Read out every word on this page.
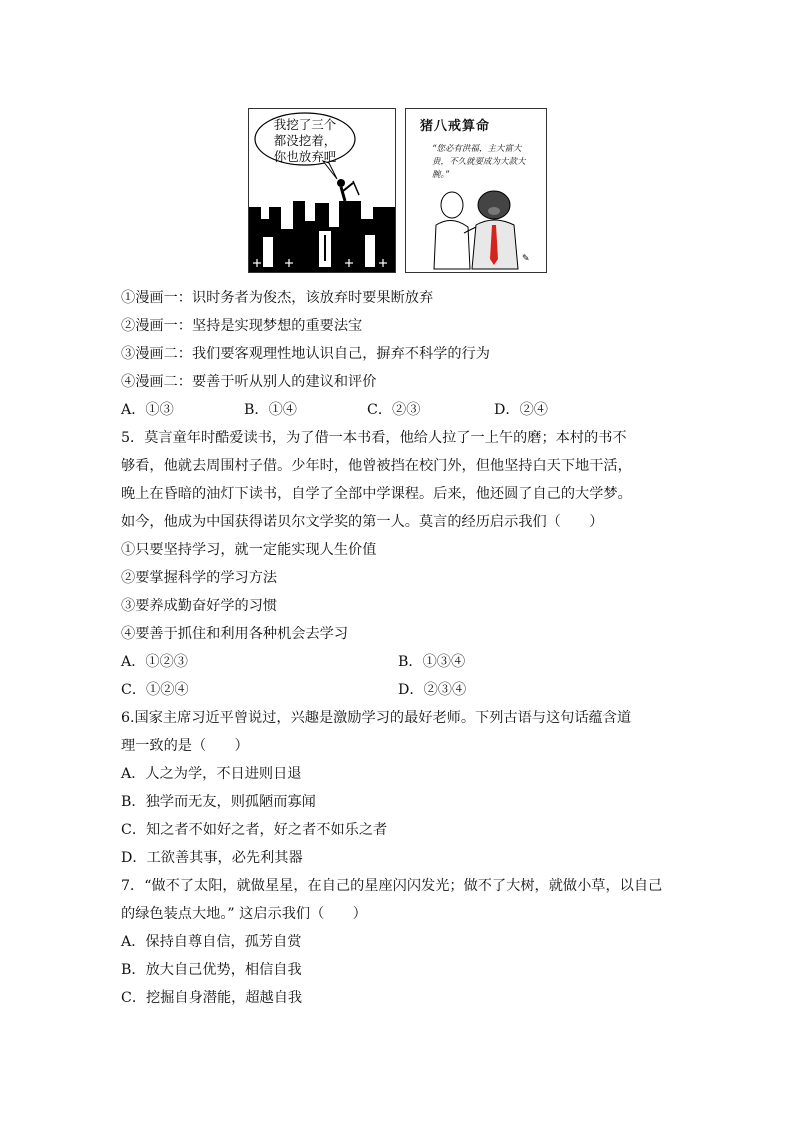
我挖了三个
都没挖着，
你也放弃吧
✎
猪八戒算命
“您必有洪福，主大富大贵，不久就要成为大款大腕。”
①漫画一：识时务者为俊杰，该放弃时要果断放弃
②漫画一：坚持是实现梦想的重要法宝
③漫画二：我们要客观理性地认识自己，摒弃不科学的行为
④漫画二：要善于听从别人的建议和评价
A．①③	B．①④	C．②③	D．②④
5．莫言童年时酷爱读书，为了借一本书看，他给人拉了一上午的磨；本村的书不
够看，他就去周围村子借。少年时，他曾被挡在校门外，但他坚持白天下地干活，
晚上在昏暗的油灯下读书，自学了全部中学课程。后来，他还圆了自己的大学梦。
如今，他成为中国获得诺贝尔文学奖的第一人。莫言的经历启示我们（　　）
①只要坚持学习，就一定能实现人生价值
②要掌握科学的学习方法
③要养成勤奋好学的习惯
④要善于抓住和利用各种机会去学习
A．①②③	B．①③④
C．①②④	D．②③④
6.国家主席习近平曾说过，兴趣是激励学习的最好老师。下列古语与这句话蕴含道
理一致的是（　　）
A．人之为学，不日进则日退
B．独学而无友，则孤陋而寡闻
C．知之者不如好之者，好之者不如乐之者
D．工欲善其事，必先利其器
7．“做不了太阳，就做星星，在自己的星座闪闪发光；做不了大树，就做小草，以自己
的绿色装点大地。” 这启示我们（　　）
A．保持自尊自信，孤芳自赏
B．放大自己优势，相信自我
C．挖掘自身潜能，超越自我
